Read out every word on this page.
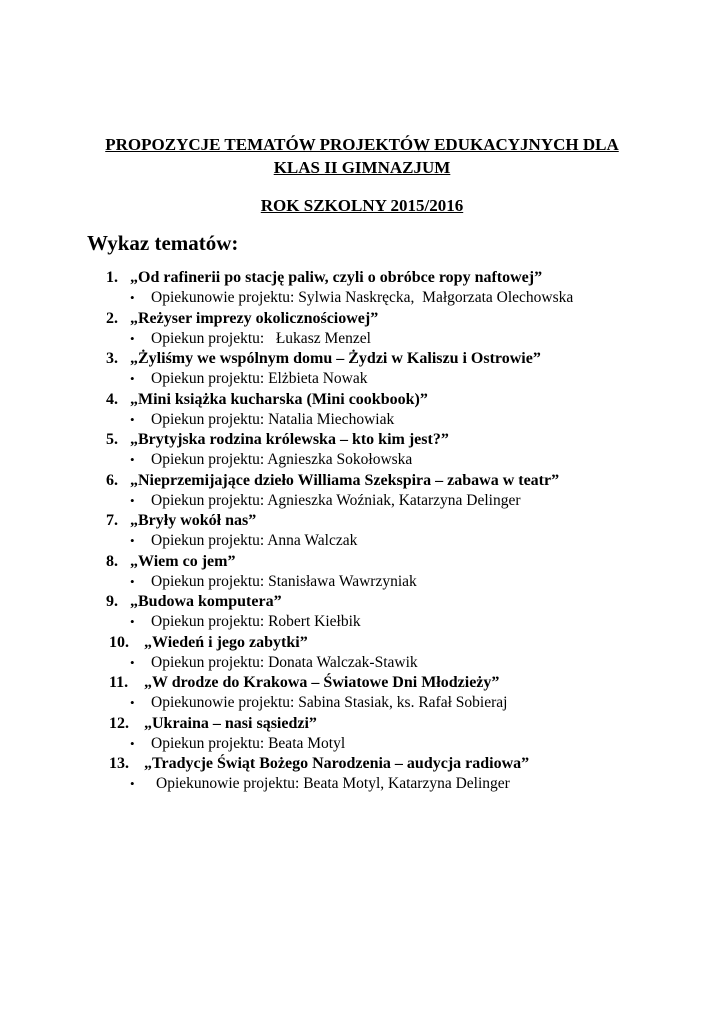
PROPOZYCJE TEMATÓW PROJEKTÓW EDUKACYJNYCH DLA
KLAS II GIMNAZJUM
ROK SZKOLNY 2015/2016
Wykaz tematów:
1. „Od rafinerii po stację paliw, czyli o obróbce ropy naftowej”
• Opiekunowie projektu: Sylwia Naskręcka,  Małgorzata Olechowska
2. „Reżyser imprezy okolicznościowej”
• Opiekun projektu:   Łukasz Menzel
3. „Żyliśmy we wspólnym domu – Żydzi w Kaliszu i Ostrowie”
• Opiekun projektu: Elżbieta Nowak
4. „Mini książka kucharska (Mini cookbook)”
• Opiekun projektu: Natalia Miechowiak
5. „Brytyjska rodzina królewska – kto kim jest?”
• Opiekun projektu: Agnieszka Sokołowska
6. „Nieprzemijające dzieło Williama Szekspira – zabawa w teatr”
• Opiekun projektu: Agnieszka Woźniak, Katarzyna Delinger
7. „Bryły wokół nas”
• Opiekun projektu: Anna Walczak
8. „Wiem co jem”
• Opiekun projektu: Stanisława Wawrzyniak
9. „Budowa komputera”
• Opiekun projektu: Robert Kiełbik
10. „Wiedeń i jego zabytki”
• Opiekun projektu: Donata Walczak-Stawik
11. „W drodze do Krakowa – Światowe Dni Młodzieży”
• Opiekunowie projektu: Sabina Stasiak, ks. Rafał Sobieraj
12. „Ukraina – nasi sąsiedzi”
• Opiekun projektu: Beata Motyl
13. „Tradycje Świąt Bożego Narodzenia – audycja radiowa”
• Opiekunowie projektu: Beata Motyl, Katarzyna Delinger
